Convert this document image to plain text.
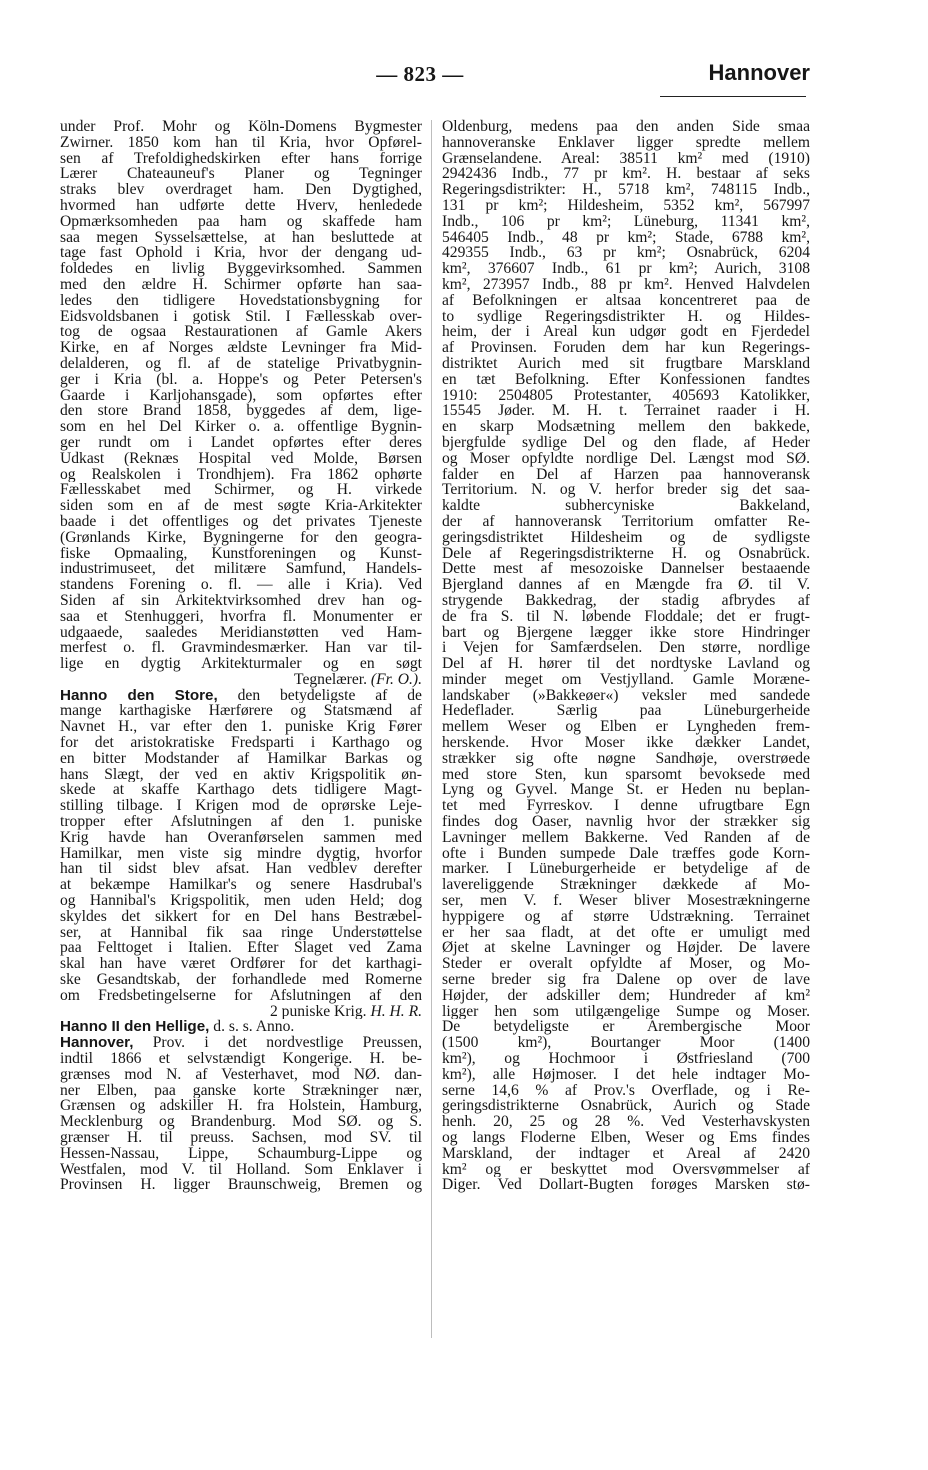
— 823 —	Hannover
under Prof. Mohr og Köln-Domens Bygmester
Zwirner. 1850 kom han til Kria, hvor Opførel-
sen af Trefoldighedskirken efter hans forrige
Lærer Chateauneuf's Planer og Tegninger
straks blev overdraget ham. Den Dygtighed,
hvormed han udførte dette Hverv, henledede
Opmærksomheden paa ham og skaffede ham
saa megen Sysselsættelse, at han besluttede at
tage fast Ophold i Kria, hvor der dengang ud-
foldedes en livlig Byggevirksomhed. Sammen
med den ældre H. Schirmer opførte han saa-
ledes den tidligere Hovedstationsbygning for
Eidsvoldsbanen i gotisk Stil. I Fællesskab over-
tog de ogsaa Restaurationen af Gamle Akers
Kirke, en af Norges ældste Levninger fra Mid-
delalderen, og fl. af de statelige Privatbygnin-
ger i Kria (bl. a. Hoppe's og Peter Petersen's
Gaarde i Karljohansgade), som opførtes efter
den store Brand 1858, byggedes af dem, lige-
som en hel Del Kirker o. a. offentlige Bygnin-
ger rundt om i Landet opførtes efter deres
Udkast (Reknæs Hospital ved Molde, Børsen
og Realskolen i Trondhjem). Fra 1862 ophørte
Fællesskabet med Schirmer, og H. virkede
siden som en af de mest søgte Kria-Arkitekter
baade i det offentliges og det privates Tjeneste
(Grønlands Kirke, Bygningerne for den geogra-
fiske Opmaaling, Kunstforeningen og Kunst-
industrimuseet, det militære Samfund, Handels-
standens Forening o. fl. — alle i Kria). Ved
Siden af sin Arkitektvirksomhed drev han og-
saa et Stenhuggeri, hvorfra fl. Monumenter er
udgaaede, saaledes Meridianstøtten ved Ham-
merfest o. fl. Gravmindesmærker. Han var til-
lige en dygtig Arkitekturmaler og en søgt
Tegnelærer. (Fr. O.).
Hanno den Store, den betydeligste af de
mange karthagiske Hærførere og Statsmænd af
Navnet H., var efter den 1. puniske Krig Fører
for det aristokratiske Fredsparti i Karthago og
en bitter Modstander af Hamilkar Barkas og
hans Slægt, der ved en aktiv Krigspolitik øn-
skede at skaffe Karthago dets tidligere Magt-
stilling tilbage. I Krigen mod de oprørske Leje-
tropper efter Afslutningen af den 1. puniske
Krig havde han Overanførselen sammen med
Hamilkar, men viste sig mindre dygtig, hvorfor
han til sidst blev afsat. Han vedblev derefter
at bekæmpe Hamilkar's og senere Hasdrubal's
og Hannibal's Krigspolitik, men uden Held; dog
skyldes det sikkert for en Del hans Bestræbel-
ser, at Hannibal fik saa ringe Understøttelse
paa Felttoget i Italien. Efter Slaget ved Zama
skal han have været Ordfører for det karthagi-
ske Gesandtskab, der forhandlede med Romerne
om Fredsbetingelserne for Afslutningen af den
2 puniske Krig. H. H. R.
Hanno II den Hellige, d. s. s. Anno.
Hannover, Prov. i det nordvestlige Preussen,
indtil 1866 et selvstændigt Kongerige. H. be-
grænses mod N. af Vesterhavet, mod NØ. dan-
ner Elben, paa ganske korte Strækninger nær,
Grænsen og adskiller H. fra Holstein, Hamburg,
Mecklenburg og Brandenburg. Mod SØ. og S.
grænser H. til preuss. Sachsen, mod SV. til
Hessen-Nassau, Lippe, Schaumburg-Lippe og
Westfalen, mod V. til Holland. Som Enklaver i
Provinsen H. ligger Braunschweig, Bremen og
Oldenburg, medens paa den anden Side smaa
hannoveranske Enklaver ligger spredte mellem
Grænselandene. Areal: 38511 km² med (1910)
2942436 Indb., 77 pr km². H. bestaar af seks
Regeringsdistrikter: H., 5718 km², 748115 Indb.,
131 pr km²; Hildesheim, 5352 km², 567997
Indb., 106 pr km²; Lüneburg, 11341 km²,
546405 Indb., 48 pr km²; Stade, 6788 km²,
429355 Indb., 63 pr km²; Osnabrück, 6204
km², 376607 Indb., 61 pr km²; Aurich, 3108
km², 273957 Indb., 88 pr km². Henved Halvdelen
af Befolkningen er altsaa koncentreret paa de
to sydlige Regeringsdistrikter H. og Hildes-
heim, der i Areal kun udgør godt en Fjerdedel
af Provinsen. Foruden dem har kun Regerings-
distriktet Aurich med sit frugtbare Marskland
en tæt Befolkning. Efter Konfessionen fandtes
1910: 2504805 Protestanter, 405693 Katolikker,
15545 Jøder. M. H. t. Terrainet raader i H.
en skarp Modsætning mellem den bakkede,
bjergfulde sydlige Del og den flade, af Heder
og Moser opfyldte nordlige Del. Længst mod SØ.
falder en Del af Harzen paa hannoveransk
Territorium. N. og V. herfor breder sig det saa-
kaldte subhercyniske Bakkeland,
der af hannoveransk Territorium omfatter Re-
geringsdistriktet Hildesheim og de sydligste
Dele af Regeringsdistrikterne H. og Osnabrück.
Dette mest af mesozoiske Dannelser bestaaende
Bjergland dannes af en Mængde fra Ø. til V.
strygende Bakkedrag, der stadig afbrydes af
de fra S. til N. løbende Floddale; det er frugt-
bart og Bjergene lægger ikke store Hindringer
i Vejen for Samfærdselen. Den større, nordlige
Del af H. hører til det nordtyske Lavland og
minder meget om Vestjylland. Gamle Moræne-
landskaber (»Bakkeøer«) veksler med sandede
Hedeflader. Særlig paa Lüneburgerheide
mellem Weser og Elben er Lyngheden frem-
herskende. Hvor Moser ikke dækker Landet,
strækker sig ofte nøgne Sandhøje, overstrøede
med store Sten, kun sparsomt bevoksede med
Lyng og Gyvel. Mange St. er Heden nu beplan-
tet med Fyrreskov. I denne ufrugtbare Egn
findes dog Oaser, navnlig hvor der strækker sig
Lavninger mellem Bakkerne. Ved Randen af de
ofte i Bunden sumpede Dale træffes gode Korn-
marker. I Lüneburgerheide er betydelige af de
lavereliggende Strækninger dækkede af Mo-
ser, men V. f. Weser bliver Mosestrækningerne
hyppigere og af større Udstrækning. Terrainet
er her saa fladt, at det ofte er umuligt med
Øjet at skelne Lavninger og Højder. De lavere
Steder er overalt opfyldte af Moser, og Mo-
serne breder sig fra Dalene op over de lave
Højder, der adskiller dem; Hundreder af km²
ligger hen som utilgængelige Sumpe og Moser.
De betydeligste er Arembergische Moor
(1500 km²), Bourtanger Moor (1400
km²), og Hochmoor i Østfriesland (700
km²), alle Højmoser. I det hele indtager Mo-
serne 14,6 % af Prov.'s Overflade, og i Re-
geringsdistrikterne Osnabrück, Aurich og Stade
henh. 20, 25 og 28 %. Ved Vesterhavskysten
og langs Floderne Elben, Weser og Ems findes
Marskland, der indtager et Areal af 2420
km² og er beskyttet mod Oversvømmelser af
Diger. Ved Dollart-Bugten forøges Marsken stø-
